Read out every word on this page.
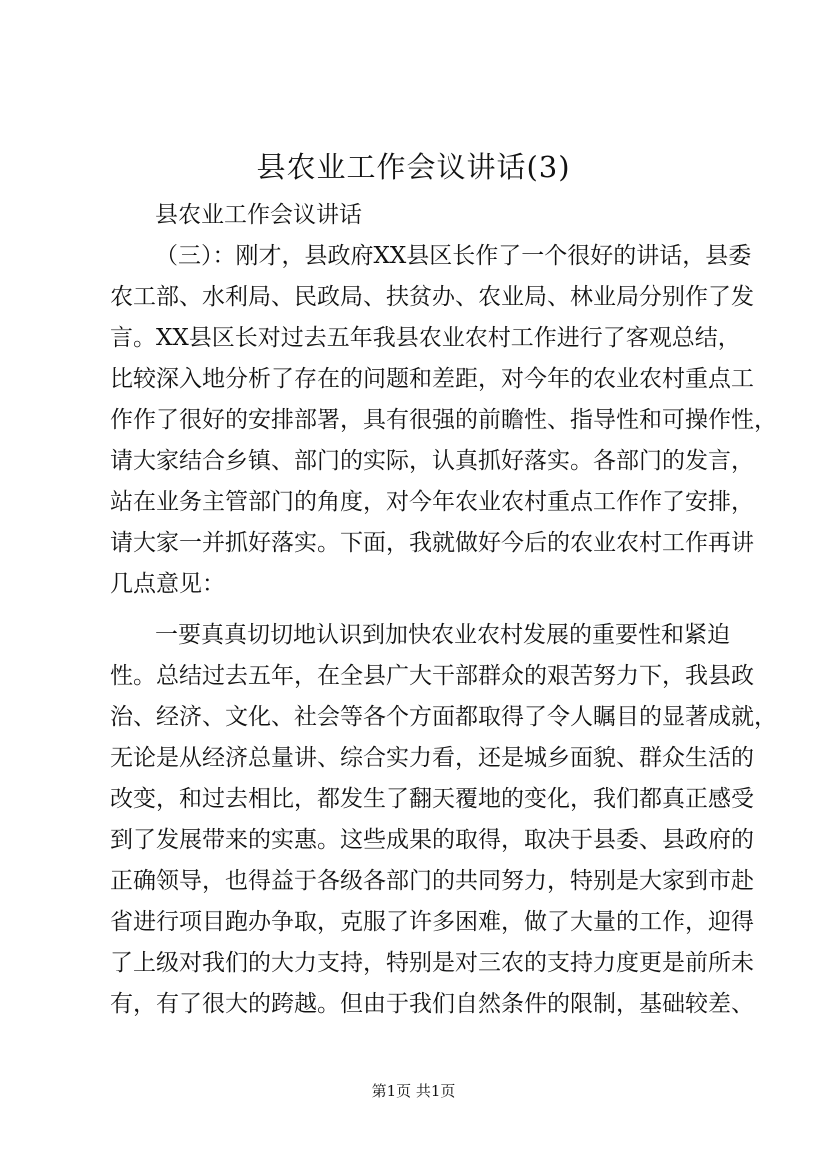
县农业工作会议讲话(3)
县农业工作会议讲话
（三）：刚才，县政府XX县区长作了一个很好的讲话，县委
农工部、水利局、民政局、扶贫办、农业局、林业局分别作了发
言。XX县区长对过去五年我县农业农村工作进行了客观总结，
比较深入地分析了存在的问题和差距，对今年的农业农村重点工
作作了很好的安排部署，具有很强的前瞻性、指导性和可操作性，
请大家结合乡镇、部门的实际，认真抓好落实。各部门的发言，
站在业务主管部门的角度，对今年农业农村重点工作作了安排，
请大家一并抓好落实。下面，我就做好今后的农业农村工作再讲
几点意见：
一要真真切切地认识到加快农业农村发展的重要性和紧迫
性。总结过去五年，在全县广大干部群众的艰苦努力下，我县政
治、经济、文化、社会等各个方面都取得了令人瞩目的显著成就，
无论是从经济总量讲、综合实力看，还是城乡面貌、群众生活的
改变，和过去相比，都发生了翻天覆地的变化，我们都真正感受
到了发展带来的实惠。这些成果的取得，取决于县委、县政府的
正确领导，也得益于各级各部门的共同努力，特别是大家到市赴
省进行项目跑办争取，克服了许多困难，做了大量的工作，迎得
了上级对我们的大力支持，特别是对三农的支持力度更是前所未
有，有了很大的跨越。但由于我们自然条件的限制，基础较差、
第1页 共1页
